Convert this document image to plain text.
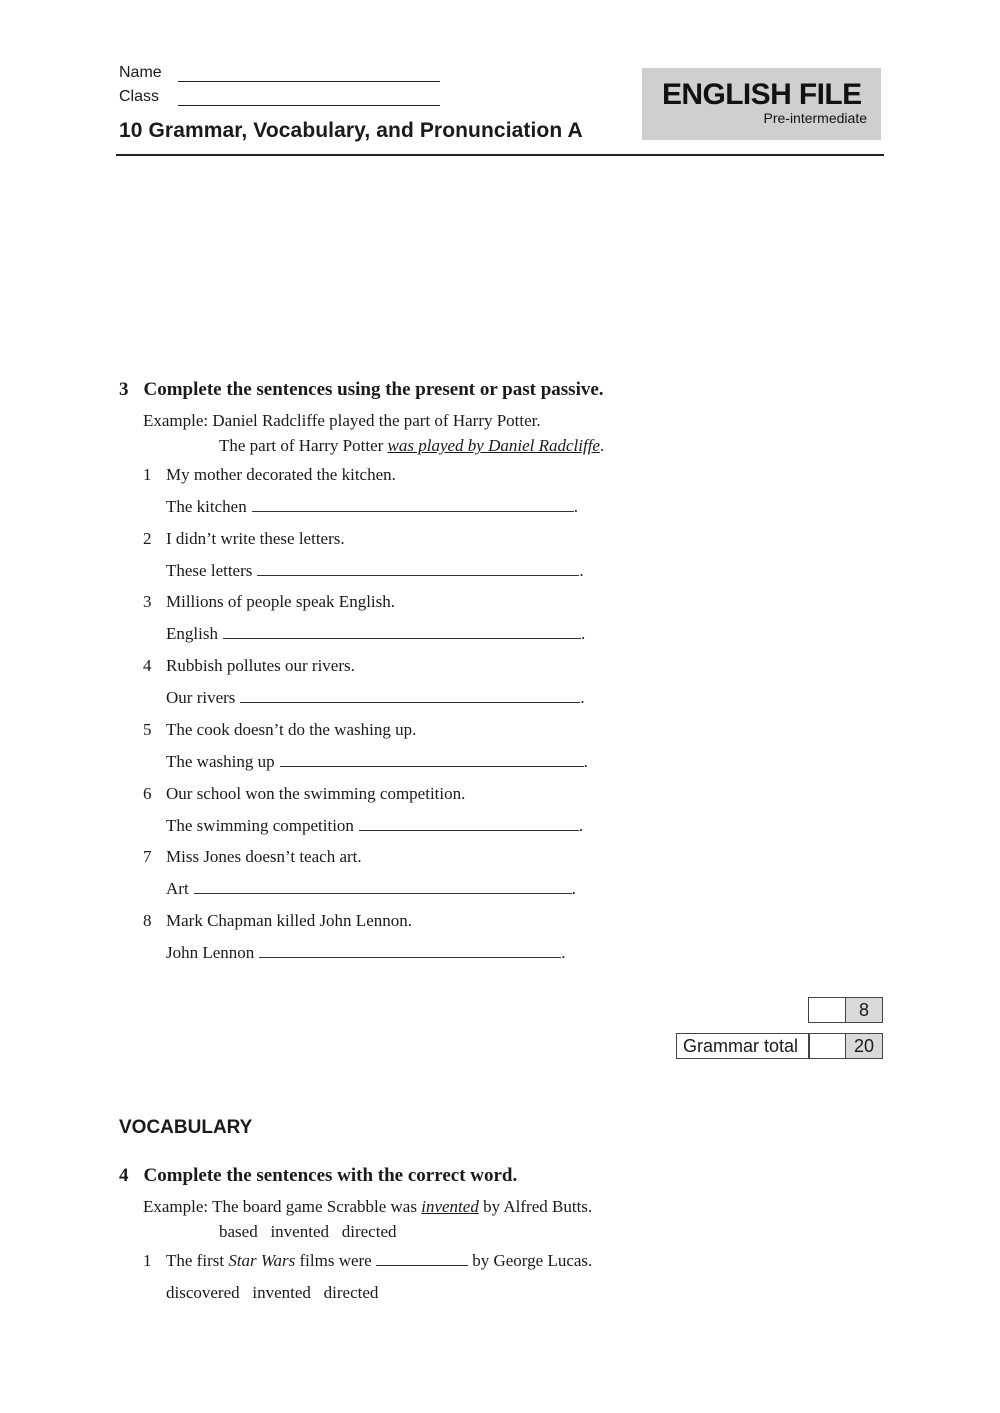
Name
Class
10 Grammar, Vocabulary, and Pronunciation A
ENGLISH FILE
Pre-intermediate
3 Complete the sentences using the present or past passive.
Example: Daniel Radcliffe played the part of Harry Potter.
The part of Harry Potter was played by Daniel Radcliffe.
1 My mother decorated the kitchen.
The kitchen	.
2 I didn’t write these letters.
These letters	.
3 Millions of people speak English.
English	.
4 Rubbish pollutes our rivers.
Our rivers	.
5 The cook doesn’t do the washing up.
The washing up	.
6 Our school won the swimming competition.
The swimming competition	.
7 Miss Jones doesn’t teach art.
Art	.
8 Mark Chapman killed John Lennon.
John Lennon	.
8
Grammar total	20
VOCABULARY
4 Complete the sentences with the correct word.
Example: The board game Scrabble was invented by Alfred Butts.
based   invented   directed
1 The first Star Wars films were	by George Lucas.
discovered   invented   directed
